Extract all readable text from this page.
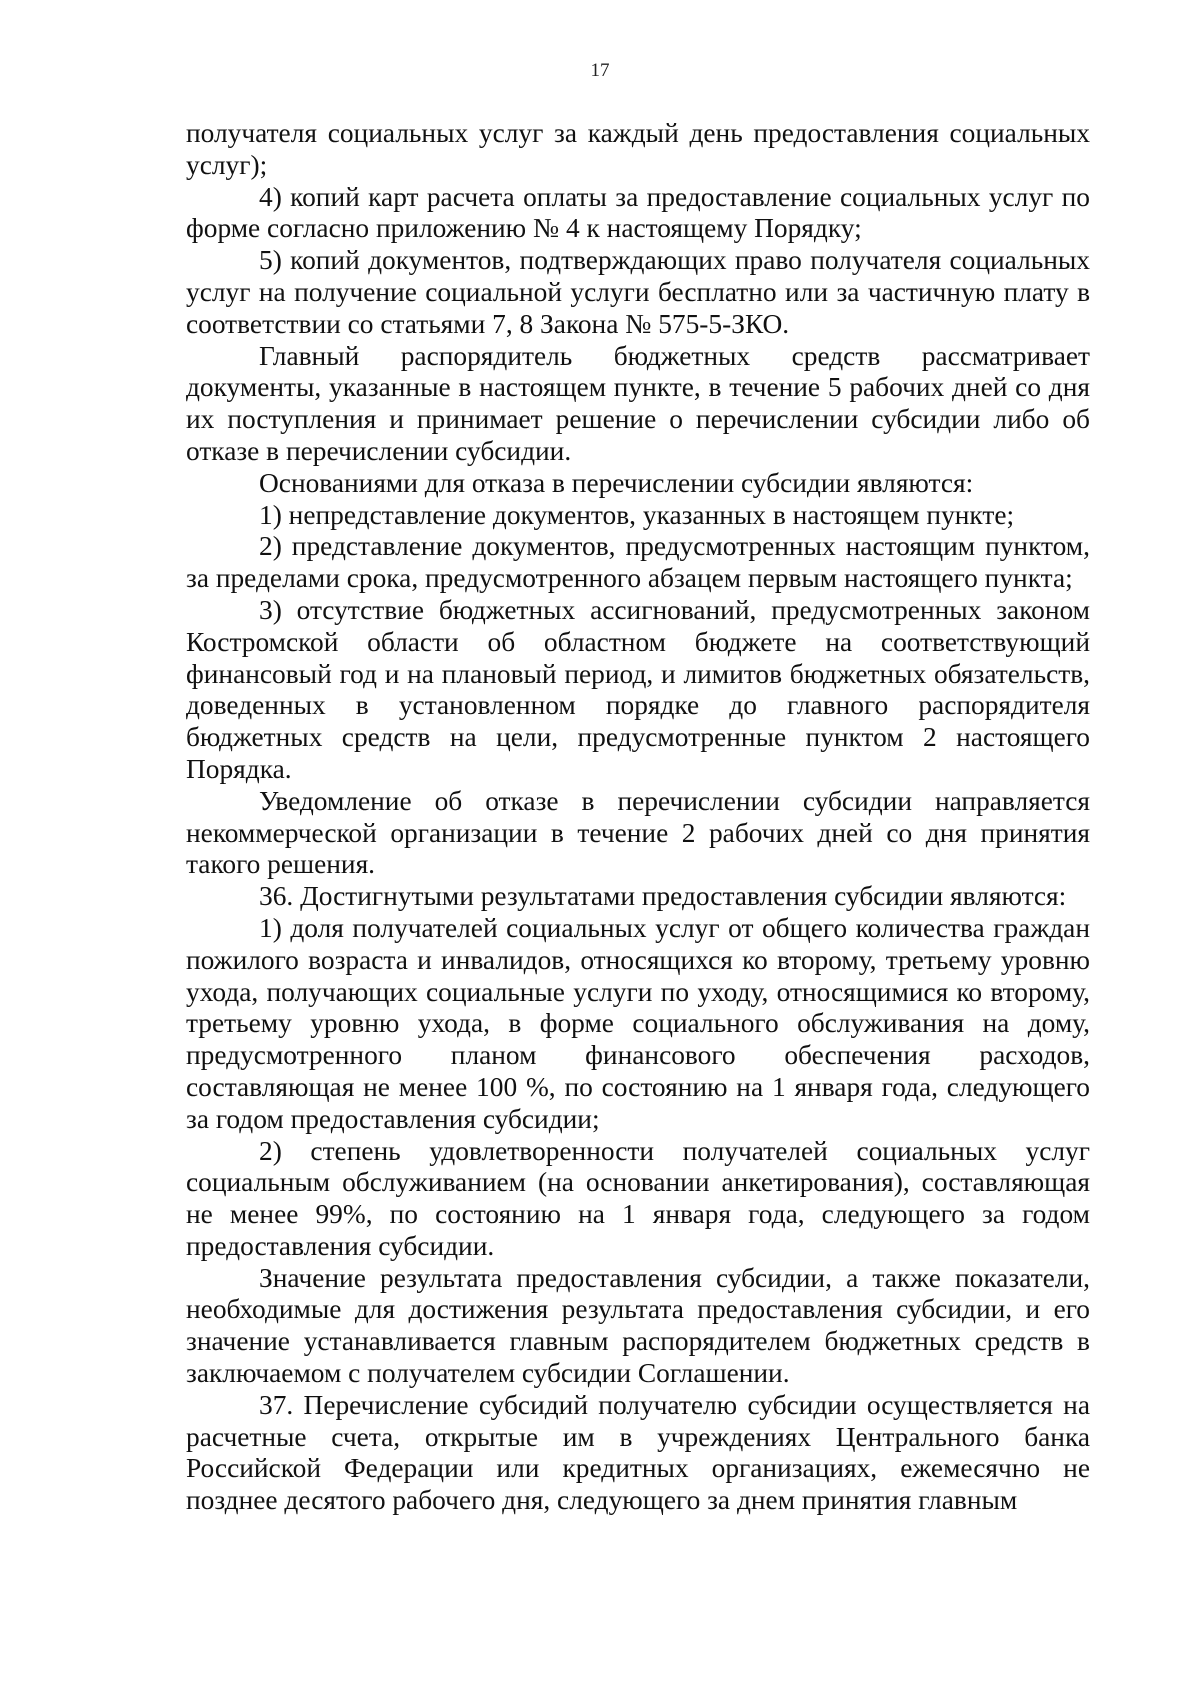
17

получателя социальных услуг за каждый день предоставления социальных услуг);

4) копий карт расчета оплаты за предоставление социальных услуг по форме согласно приложению № 4 к настоящему Порядку;

5) копий документов, подтверждающих право получателя социальных услуг на получение социальной услуги бесплатно или за частичную плату в соответствии со статьями 7, 8 Закона № 575-5-ЗКО.

Главный распорядитель бюджетных средств рассматривает документы, указанные в настоящем пункте, в течение 5 рабочих дней со дня их поступления и принимает решение о перечислении субсидии либо об отказе в перечислении субсидии.

Основаниями для отказа в перечислении субсидии являются:

1) непредставление документов, указанных в настоящем пункте;

2) представление документов, предусмотренных настоящим пунктом, за пределами срока, предусмотренного абзацем первым настоящего пункта;

3) отсутствие бюджетных ассигнований, предусмотренных законом Костромской области об областном бюджете на соответствующий финансовый год и на плановый период, и лимитов бюджетных обязательств, доведенных в установленном порядке до главного распорядителя бюджетных средств на цели, предусмотренные пунктом 2 настоящего Порядка.

Уведомление об отказе в перечислении субсидии направляется некоммерческой организации в течение 2 рабочих дней со дня принятия такого решения.

36. Достигнутыми результатами предоставления субсидии являются:

1) доля получателей социальных услуг от общего количества граждан пожилого возраста и инвалидов, относящихся ко второму, третьему уровню ухода, получающих социальные услуги по уходу, относящимися ко второму, третьему уровню ухода, в форме социального обслуживания на дому, предусмотренного планом финансового обеспечения расходов, составляющая не менее 100 %, по состоянию на 1 января года, следующего за годом предоставления субсидии;

2) степень удовлетворенности получателей социальных услуг социальным обслуживанием (на основании анкетирования), составляющая не менее 99%, по состоянию на 1 января года, следующего за годом предоставления субсидии.

Значение результата предоставления субсидии, а также показатели, необходимые для достижения результата предоставления субсидии, и его значение устанавливается главным распорядителем бюджетных средств в заключаемом с получателем субсидии Соглашении.

37. Перечисление субсидий получателю субсидии осуществляется на расчетные счета, открытые им в учреждениях Центрального банка Российской Федерации или кредитных организациях, ежемесячно не позднее десятого рабочего дня, следующего за днем принятия главным
